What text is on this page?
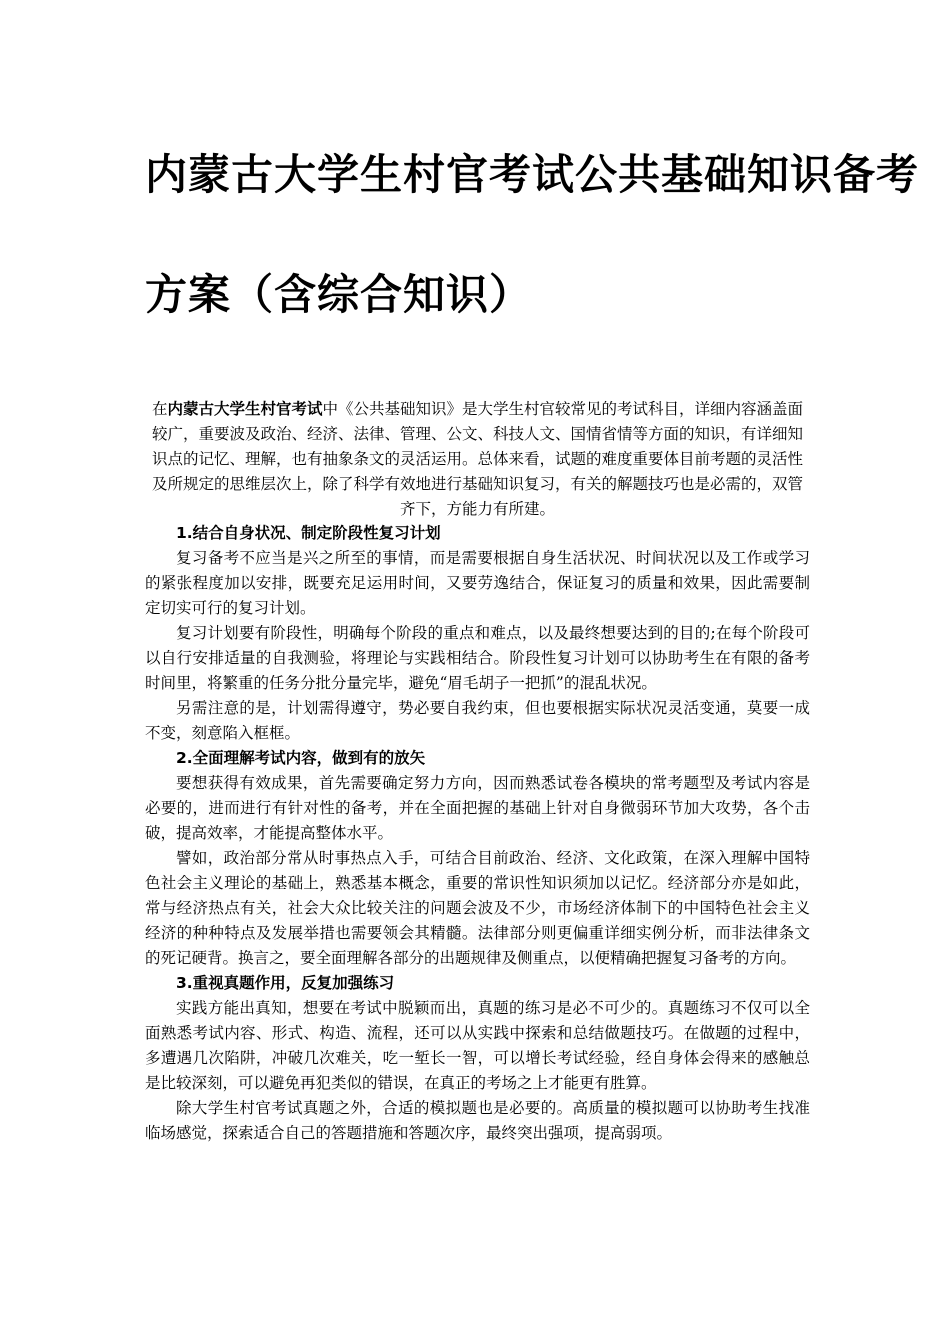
内蒙古大学生村官考试公共基础知识备考
方案（含综合知识）
在内蒙古大学生村官考试中《公共基础知识》是大学生村官较常见的考试科目，详细内容涵盖面较广，重要波及政治、经济、法律、管理、公文、科技人文、国情省情等方面的知识，有详细知识点的记忆、理解，也有抽象条文的灵活运用。总体来看，试题的难度重要体目前考题的灵活性及所规定的思维层次上，除了科学有效地进行基础知识复习，有关的解题技巧也是必需的，双管齐下，方能力有所建。
1.结合自身状况、制定阶段性复习计划

复习备考不应当是兴之所至的事情，而是需要根据自身生活状况、时间状况以及工作或学习的紧张程度加以安排，既要充足运用时间，又要劳逸结合，保证复习的质量和效果，因此需要制定切实可行的复习计划。

复习计划要有阶段性，明确每个阶段的重点和难点，以及最终想要达到的目的;在每个阶段可以自行安排适量的自我测验，将理论与实践相结合。阶段性复习计划可以协助考生在有限的备考时间里，将繁重的任务分批分量完毕，避免“眉毛胡子一把抓”的混乱状况。

另需注意的是，计划需得遵守，势必要自我约束，但也要根据实际状况灵活变通，莫要一成不变，刻意陷入框框。

2.全面理解考试内容，做到有的放矢

要想获得有效成果，首先需要确定努力方向，因而熟悉试卷各模块的常考题型及考试内容是必要的，进而进行有针对性的备考，并在全面把握的基础上针对自身微弱环节加大攻势，各个击破，提高效率，才能提高整体水平。

譬如，政治部分常从时事热点入手，可结合目前政治、经济、文化政策，在深入理解中国特色社会主义理论的基础上，熟悉基本概念，重要的常识性知识须加以记忆。经济部分亦是如此，常与经济热点有关，社会大众比较关注的问题会波及不少，市场经济体制下的中国特色社会主义经济的种种特点及发展举措也需要领会其精髓。法律部分则更偏重详细实例分析，而非法律条文的死记硬背。换言之，要全面理解各部分的出题规律及侧重点，以便精确把握复习备考的方向。

3.重视真题作用，反复加强练习

实践方能出真知，想要在考试中脱颖而出，真题的练习是必不可少的。真题练习不仅可以全面熟悉考试内容、形式、构造、流程，还可以从实践中探索和总结做题技巧。在做题的过程中，多遭遇几次陷阱，冲破几次难关，吃一堑长一智，可以增长考试经验，经自身体会得来的感触总是比较深刻，可以避免再犯类似的错误，在真正的考场之上才能更有胜算。

除大学生村官考试真题之外，合适的模拟题也是必要的。高质量的模拟题可以协助考生找准临场感觉，探索适合自己的答题措施和答题次序，最终突出强项，提高弱项。
